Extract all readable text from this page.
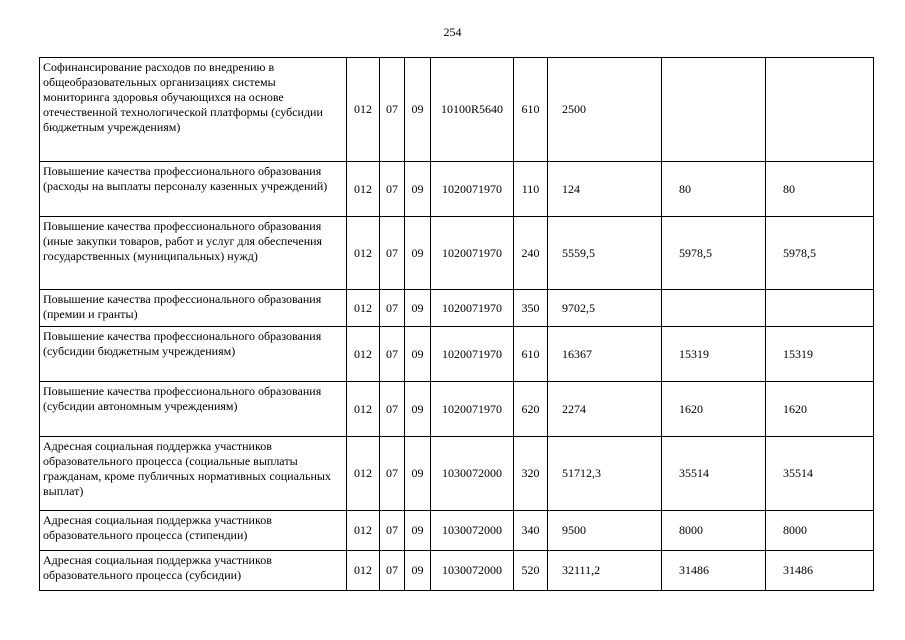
254
Софинансирование расходов по внедрению в общеобразовательных организациях системы мониторинга здоровья обучающихся на основе отечественной технологической платформы (субсидии бюджетным учреждениям)	012	07	09	10100R5640	610	2500		
Повышение качества профессионального образования (расходы на выплаты персоналу казенных учреждений)	012	07	09	1020071970	110	124	80	80
Повышение качества профессионального образования (иные закупки товаров, работ и услуг для обеспечения государственных (муниципальных) нужд)	012	07	09	1020071970	240	5559,5	5978,5	5978,5
Повышение качества профессионального образования (премии и гранты)	012	07	09	1020071970	350	9702,5		
Повышение качества профессионального образования (субсидии бюджетным учреждениям)	012	07	09	1020071970	610	16367	15319	15319
Повышение качества профессионального образования (субсидии автономным учреждениям)	012	07	09	1020071970	620	2274	1620	1620
Адресная социальная поддержка участников образовательного процесса (социальные выплаты гражданам, кроме публичных нормативных социальных выплат)	012	07	09	1030072000	320	51712,3	35514	35514
Адресная социальная поддержка участников образовательного процесса (стипендии)	012	07	09	1030072000	340	9500	8000	8000
Адресная социальная поддержка участников образовательного процесса (субсидии)	012	07	09	1030072000	520	32111,2	31486	31486
